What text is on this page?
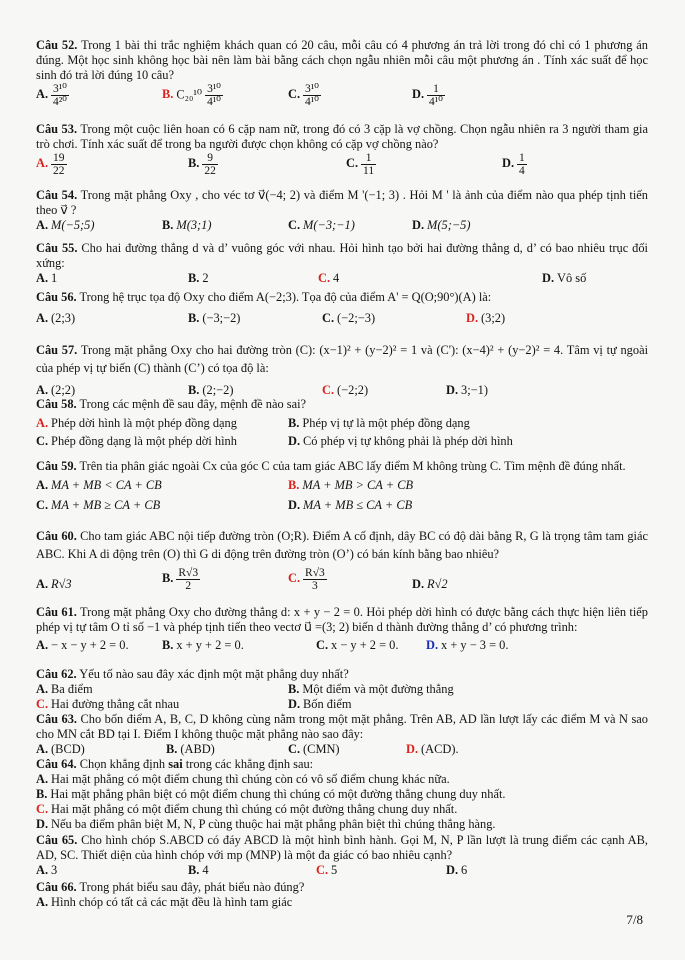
Câu 52. Trong 1 bài thi trắc nghiệm khách quan có 20 câu, mỗi câu có 4 phương án trả lời trong đó chỉ có 1 phương án đúng. Một học sinh không học bài nên làm bài bằng cách chọn ngẫu nhiên mỗi câu một phương án . Tính xác suất để học sinh đó trả lời đúng 10 câu?
A. $\frac{\text{3¹⁰}}{\text{4²⁰}}$	B. $C_{20}^{10} \frac{\text{3¹⁰}}{\text{4¹⁰}}$	C. $\frac{\text{3¹⁰}}{\text{4¹⁰}}$	D. $\frac{1}{\text{4¹⁰}}$
Câu 53. Trong một cuộc liên hoan có 6 cặp nam nữ, trong đó có 3 cặp là vợ chồng. Chọn ngẫu nhiên ra 3 người tham gia trò chơi. Tính xác suất để trong ba người được chọn không có cặp vợ chồng nào?
A. $\frac{19}{22}$	B. $\frac{9}{22}$	C. $\frac{1}{11}$	D. $\frac{1}{4}$
Câu 54. Trong mặt phẳng Oxy , cho véc tơ v⃗(−4; 2) và điểm M '(−1; 3) . Hỏi M ' là ảnh của điểm nào qua phép tịnh tiến theo v⃗ ?
A. M(−5;5)	B. M(3;1)	C. M(−3;−1)	D. M(5;−5)
Câu 55. Cho hai đường thẳng d và d’ vuông góc với nhau. Hỏi hình tạo bởi hai đường thẳng d, d’ có bao nhiêu trục đối xứng:
A. 1	B. 2	C. 4	D. Vô số
Câu 56. Trong hệ trục tọa độ Oxy cho điểm A(−2;3). Tọa độ của điểm A' = Q(O;90°)(A) là:
A. (2;3)	B. (−3;−2)	C. (−2;−3)	D. (3;2)
Câu 57. Trong mặt phẳng Oxy cho hai đường tròn (C): (x−1)² + (y−2)² = 1 và (C'): (x−4)² + (y−2)² = 4. Tâm vị tự ngoài của phép vị tự biến (C) thành (C’) có tọa độ là:
A. (2;2)	B. (2;−2)	C. (−2;2)	D. 3;−1)
Câu 58. Trong các mệnh đề sau đây, mệnh đề nào sai?
A. Phép dời hình là một phép đồng dạng	B. Phép vị tự là một phép đồng dạng
C. Phép đồng dạng là một phép dời hình	D. Có phép vị tự không phải là phép dời hình
Câu 59. Trên tia phân giác ngoài Cx của góc C của tam giác ABC lấy điểm M không trùng C. Tìm mệnh đề đúng nhất.
A. MA + MB < CA + CB	B. MA + MB > CA + CB
C. MA + MB ≥ CA + CB	D. MA + MB ≤ CA + CB
Câu 60. Cho tam giác ABC nội tiếp đường tròn (O;R). Điểm A cố định, dây BC có độ dài bằng R, G là trọng tâm tam giác ABC. Khi A di động trên (O) thì G di động trên đường tròn (O’) có bán kính bằng bao nhiêu?
A. R√3	B. $\frac{R√3}{2}$	C. $\frac{R√3}{3}$	D. R√2
Câu 61. Trong mặt phẳng Oxy cho đường thẳng d: x + y − 2 = 0. Hỏi phép dời hình có được bằng cách thực hiện liên tiếp phép vị tự tâm O tỉ số −1 và phép tịnh tiến theo vectơ u⃗ =(3; 2) biến d thành đường thẳng d’ có phương trình:
A. − x − y + 2 = 0.	B. x + y + 2 = 0.	C. x − y + 2 = 0. D. x + y − 3 = 0.
Câu 62. Yếu tố nào sau đây xác định một mặt phẳng duy nhất?
A. Ba điểm	B. Một điểm và một đường thẳng
C. Hai đường thẳng cắt nhau	D. Bốn điểm
Câu 63. Cho bốn điểm A, B, C, D không cùng nằm trong một mặt phẳng. Trên AB, AD lần lượt lấy các điểm M và N sao cho MN cắt BD tại I. Điểm I không thuộc mặt phẳng nào sao đây:
A. (BCD)	B. (ABD)	C. (CMN)	D. (ACD).
Câu 64. Chọn khẳng định sai trong các khẳng định sau:
A. Hai mặt phẳng có một điểm chung thì chúng còn có vô số điểm chung khác nữa.
B. Hai mặt phẳng phân biệt có một điểm chung thì chúng có một đường thẳng chung duy nhất.
C. Hai mặt phẳng có một điểm chung thì chúng có một đường thẳng chung duy nhất.
D. Nếu ba điểm phân biệt M, N, P cùng thuộc hai mặt phẳng phân biệt thì chúng thẳng hàng.
Câu 65. Cho hình chóp S.ABCD có đáy ABCD là một hình bình hành. Gọi M, N, P lần lượt là trung điểm các cạnh AB, AD, SC. Thiết diện của hình chóp với mp (MNP) là một đa giác có bao nhiêu cạnh?
A. 3	B. 4	C. 5	D. 6
Câu 66. Trong phát biểu sau đây, phát biểu nào đúng?
A. Hình chóp có tất cả các mặt đều là hình tam giác
7/8
